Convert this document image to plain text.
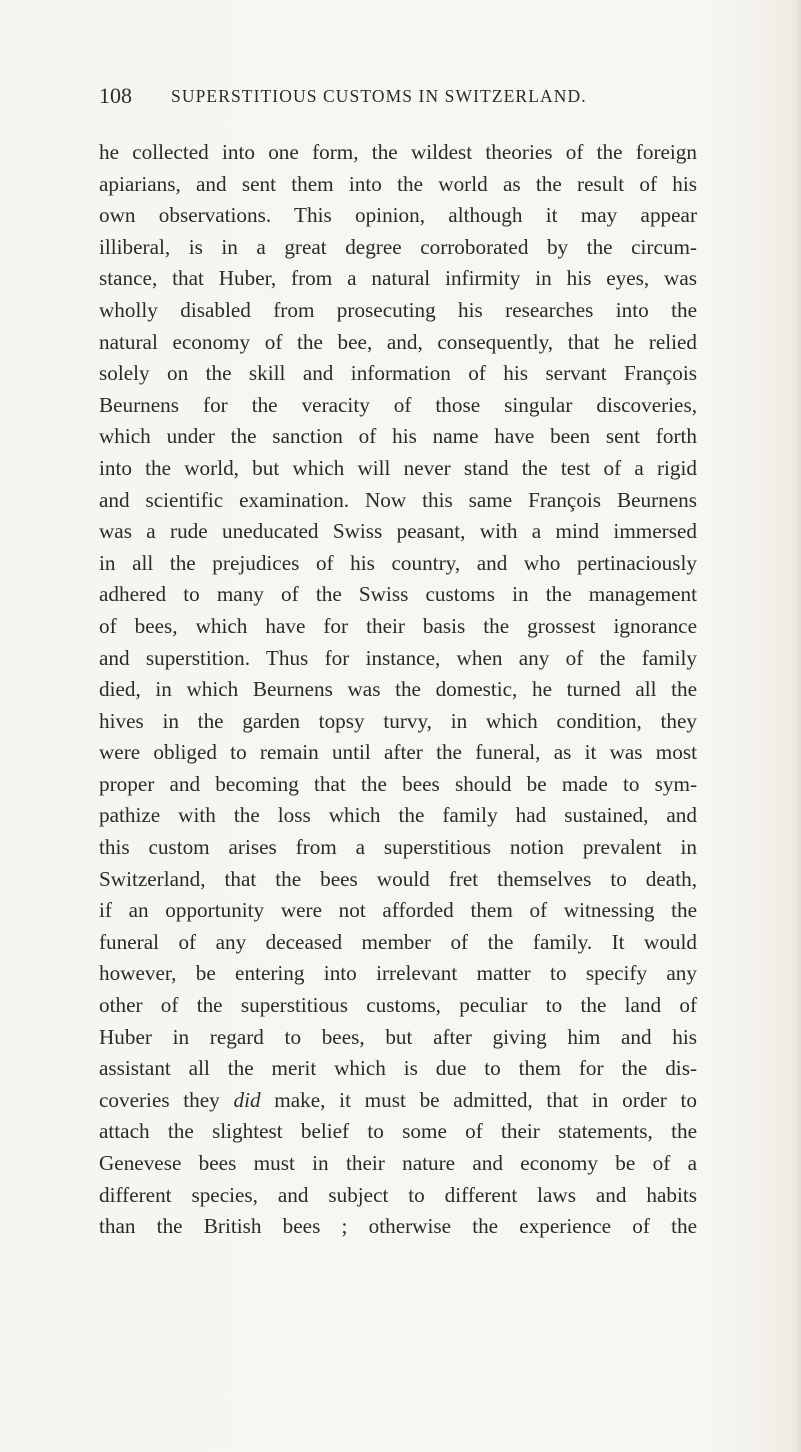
108 SUPERSTITIOUS CUSTOMS IN SWITZERLAND.
he collected into one form, the wildest theories of the foreign
apiarians, and sent them into the world as the result of his
own observations. This opinion, although it may appear
illiberal, is in a great degree corroborated by the circum-
stance, that Huber, from a natural infirmity in his eyes, was
wholly disabled from prosecuting his researches into the
natural economy of the bee, and, consequently, that he relied
solely on the skill and information of his servant François
Beurnens for the veracity of those singular discoveries,
which under the sanction of his name have been sent forth
into the world, but which will never stand the test of a rigid
and scientific examination. Now this same François Beurnens
was a rude uneducated Swiss peasant, with a mind immersed
in all the prejudices of his country, and who pertinaciously
adhered to many of the Swiss customs in the management
of bees, which have for their basis the grossest ignorance
and superstition. Thus for instance, when any of the family
died, in which Beurnens was the domestic, he turned all the
hives in the garden topsy turvy, in which condition, they
were obliged to remain until after the funeral, as it was most
proper and becoming that the bees should be made to sym-
pathize with the loss which the family had sustained, and
this custom arises from a superstitious notion prevalent in
Switzerland, that the bees would fret themselves to death,
if an opportunity were not afforded them of witnessing the
funeral of any deceased member of the family. It would
however, be entering into irrelevant matter to specify any
other of the superstitious customs, peculiar to the land of
Huber in regard to bees, but after giving him and his
assistant all the merit which is due to them for the dis-
coveries they did make, it must be admitted, that in order to
attach the slightest belief to some of their statements, the
Genevese bees must in their nature and economy be of a
different species, and subject to different laws and habits
than the British bees ; otherwise the experience of the
